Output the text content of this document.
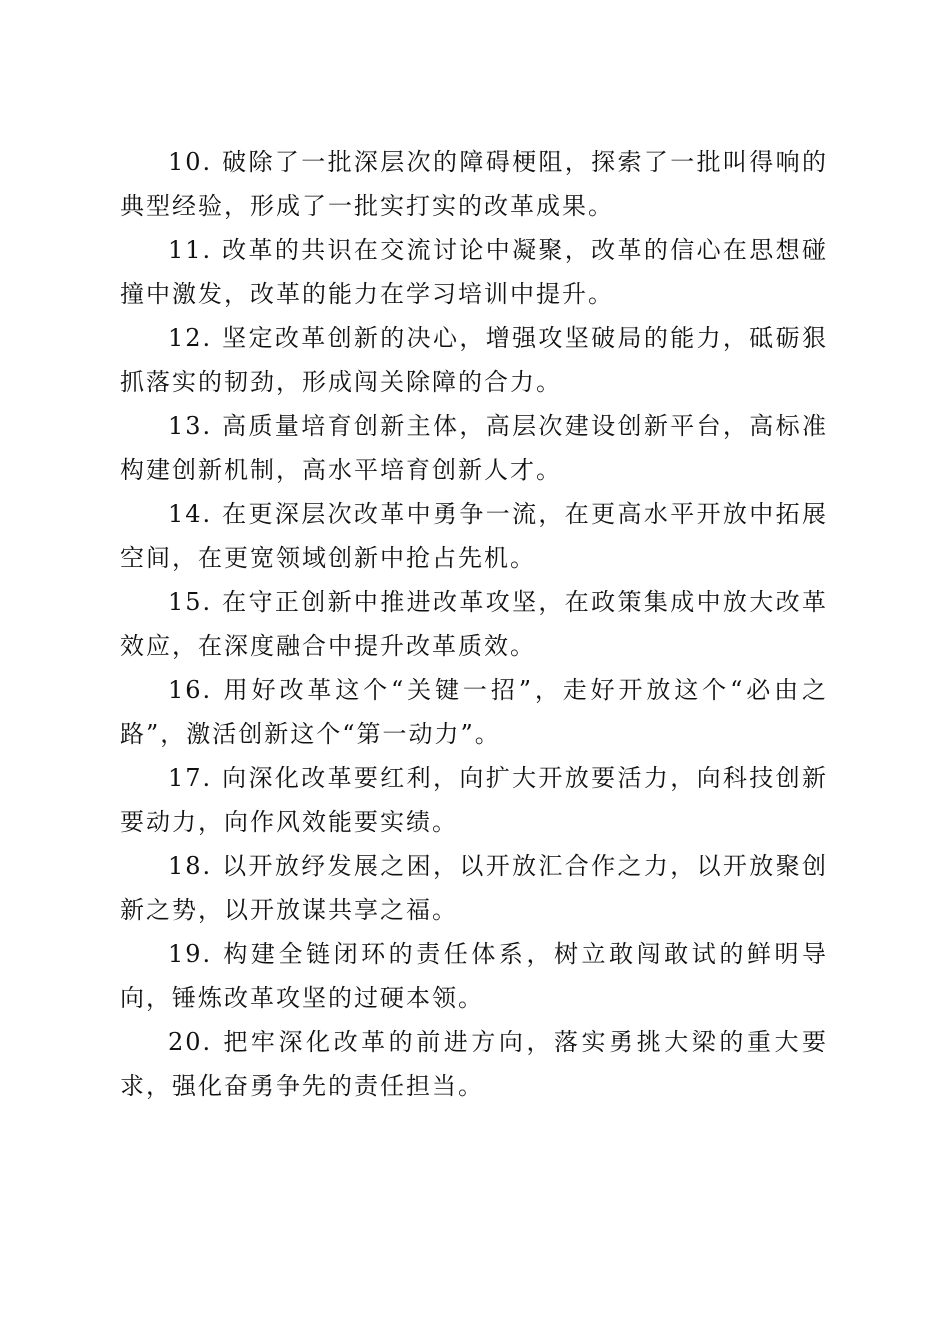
10. 破除了一批深层次的障碍梗阻，探索了一批叫得响的典型经验，形成了一批实打实的改革成果。

11. 改革的共识在交流讨论中凝聚，改革的信心在思想碰撞中激发，改革的能力在学习培训中提升。

12. 坚定改革创新的决心，增强攻坚破局的能力，砥砺狠抓落实的韧劲，形成闯关除障的合力。

13. 高质量培育创新主体，高层次建设创新平台，高标准构建创新机制，高水平培育创新人才。

14. 在更深层次改革中勇争一流，在更高水平开放中拓展空间，在更宽领域创新中抢占先机。

15. 在守正创新中推进改革攻坚，在政策集成中放大改革效应，在深度融合中提升改革质效。

16. 用好改革这个“关键一招”，走好开放这个“必由之路”，激活创新这个“第一动力”。

17. 向深化改革要红利，向扩大开放要活力，向科技创新要动力，向作风效能要实绩。

18. 以开放纾发展之困，以开放汇合作之力，以开放聚创新之势，以开放谋共享之福。

19. 构建全链闭环的责任体系，树立敢闯敢试的鲜明导向，锤炼改革攻坚的过硬本领。

20. 把牢深化改革的前进方向，落实勇挑大梁的重大要求，强化奋勇争先的责任担当。
